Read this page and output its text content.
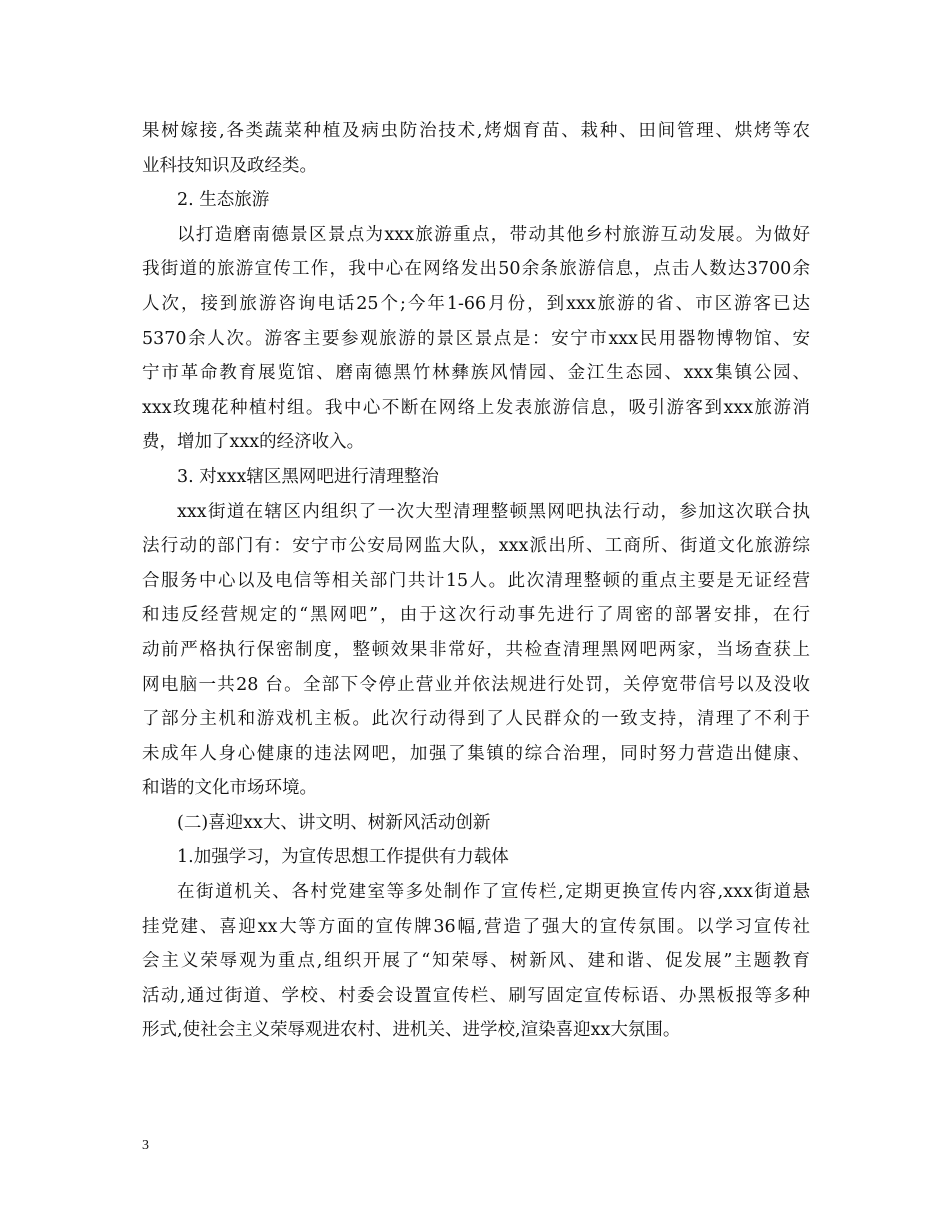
果树嫁接,各类蔬菜种植及病虫防治技术,烤烟育苗、栽种、田间管理、烘烤等农
业科技知识及政经类。
2. 生态旅游
以打造磨南德景区景点为xxx旅游重点，带动其他乡村旅游互动发展。为做好
我街道的旅游宣传工作，我中心在网络发出50余条旅游信息，点击人数达3700余
人次，接到旅游咨询电话25个;今年1-66月份，到xxx旅游的省、市区游客已达
5370余人次。游客主要参观旅游的景区景点是：安宁市xxx民用器物博物馆、安
宁市革命教育展览馆、磨南德黑竹林彝族风情园、金江生态园、xxx集镇公园、
xxx玫瑰花种植村组。我中心不断在网络上发表旅游信息，吸引游客到xxx旅游消
费，增加了xxx的经济收入。
3. 对xxx辖区黑网吧进行清理整治
xxx街道在辖区内组织了一次大型清理整顿黑网吧执法行动，参加这次联合执
法行动的部门有：安宁市公安局网监大队，xxx派出所、工商所、街道文化旅游综
合服务中心以及电信等相关部门共计15人。此次清理整顿的重点主要是无证经营
和违反经营规定的“黑网吧”，由于这次行动事先进行了周密的部署安排，在行
动前严格执行保密制度，整顿效果非常好，共检查清理黑网吧两家，当场查获上
网电脑一共28 台。全部下令停止营业并依法规进行处罚，关停宽带信号以及没收
了部分主机和游戏机主板。此次行动得到了人民群众的一致支持，清理了不利于
未成年人身心健康的违法网吧，加强了集镇的综合治理，同时努力营造出健康、
和谐的文化市场环境。
(二)喜迎xx大、讲文明、树新风活动创新
1.加强学习，为宣传思想工作提供有力载体
在街道机关、各村党建室等多处制作了宣传栏,定期更换宣传内容,xxx街道悬
挂党建、喜迎xx大等方面的宣传牌36幅,营造了强大的宣传氛围。以学习宣传社
会主义荣辱观为重点,组织开展了“知荣辱、树新风、建和谐、促发展”主题教育
活动,通过街道、学校、村委会设置宣传栏、刷写固定宣传标语、办黑板报等多种
形式,使社会主义荣辱观进农村、进机关、进学校,渲染喜迎xx大氛围。
3
